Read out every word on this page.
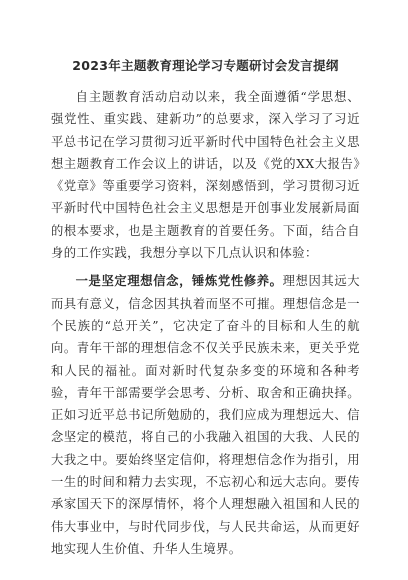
2023年主题教育理论学习专题研讨会发言提纲

自主题教育活动启动以来，我全面遵循“学思想、强党性、重实践、建新功”的总要求，深入学习了习近平总书记在学习贯彻习近平新时代中国特色社会主义思想主题教育工作会议上的讲话，以及《党的XX大报告》《党章》等重要学习资料，深刻感悟到，学习贯彻习近平新时代中国特色社会主义思想是开创事业发展新局面的根本要求，也是主题教育的首要任务。下面，结合自身的工作实践，我想分享以下几点认识和体验：

一是坚定理想信念，锤炼党性修养。理想因其远大而具有意义，信念因其执着而坚不可摧。理想信念是一个民族的“总开关”，它决定了奋斗的目标和人生的航向。青年干部的理想信念不仅关乎民族未来，更关乎党和人民的福祉。面对新时代复杂多变的环境和各种考验，青年干部需要学会思考、分析、取舍和正确抉择。正如习近平总书记所勉励的，我们应成为理想远大、信念坚定的模范，将自己的小我融入祖国的大我、人民的大我之中。要始终坚定信仰，将理想信念作为指引，用一生的时间和精力去实现，不忘初心和远大志向。要传承家国天下的深厚情怀，将个人理想融入祖国和人民的伟大事业中，与时代同步伐，与人民共命运，从而更好地实现人生价值、升华人生境界。
